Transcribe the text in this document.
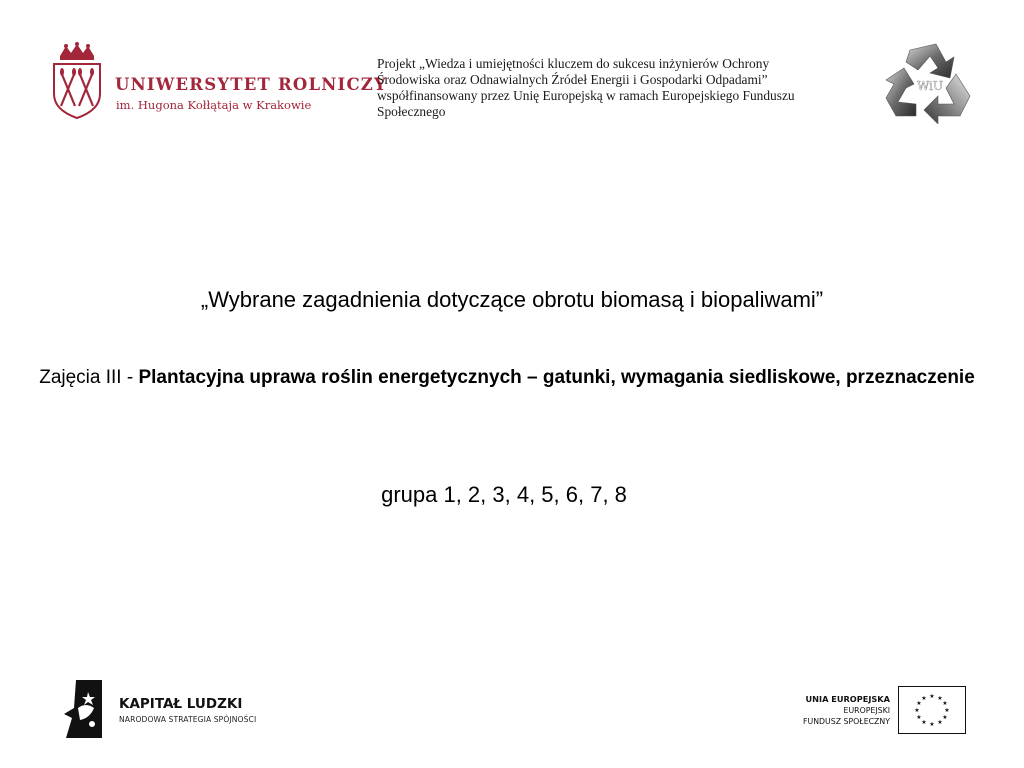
UNIWERSYTET ROLNICZY
im. Hugona Kołłątaja w Krakowie
Projekt „Wiedza i umiejętności kluczem do sukcesu inżynierów Ochrony
Środowiska oraz Odnawialnych Źródeł Energii i Gospodarki Odpadami”
współfinansowany przez Unię Europejską w ramach Europejskiego Funduszu
Społecznego
WiU
„Wybrane zagadnienia dotyczące obrotu biomasą i biopaliwami”
Zajęcia III - Plantacyjna uprawa roślin energetycznych – gatunki, wymagania siedliskowe, przeznaczenie
grupa 1, 2, 3, 4, 5, 6, 7, 8
KAPITAŁ LUDZKI
NARODOWA STRATEGIA SPÓJNOŚCI
UNIA EUROPEJSKA
EUROPEJSKI
FUNDUSZ SPOŁECZNY
★ ★
★
★
★
★
★
★
★
★
★
★
